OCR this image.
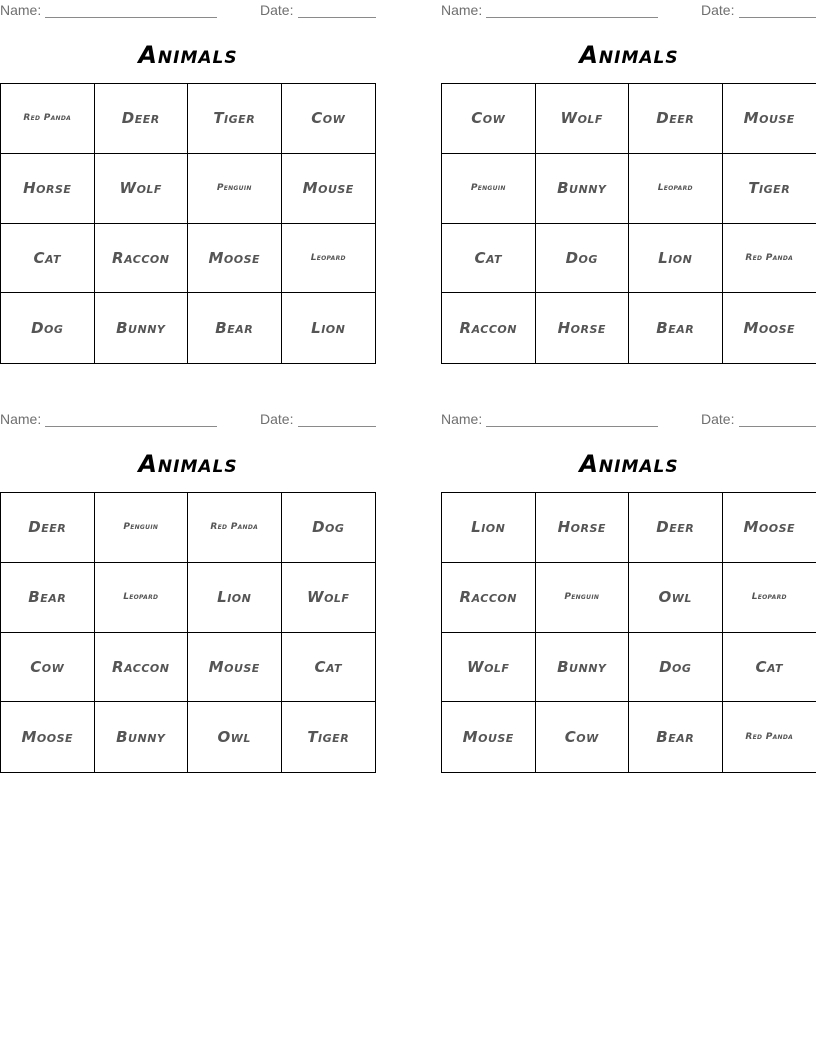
Name:	Date:
Animals
Red Panda	Deer	Tiger	Cow
Horse	Wolf	Penguin	Mouse
Cat	Raccon	Moose	Leopard
Dog	Bunny	Bear	Lion
Name:	Date:
Animals
Cow	Wolf	Deer	Mouse
Penguin	Bunny	Leopard	Tiger
Cat	Dog	Lion	Red Panda
Raccon	Horse	Bear	Moose
Name:	Date:
Animals
Deer	Penguin	Red Panda	Dog
Bear	Leopard	Lion	Wolf
Cow	Raccon	Mouse	Cat
Moose	Bunny	Owl	Tiger
Name:	Date:
Animals
Lion	Horse	Deer	Moose
Raccon	Penguin	Owl	Leopard
Wolf	Bunny	Dog	Cat
Mouse	Cow	Bear	Red Panda
